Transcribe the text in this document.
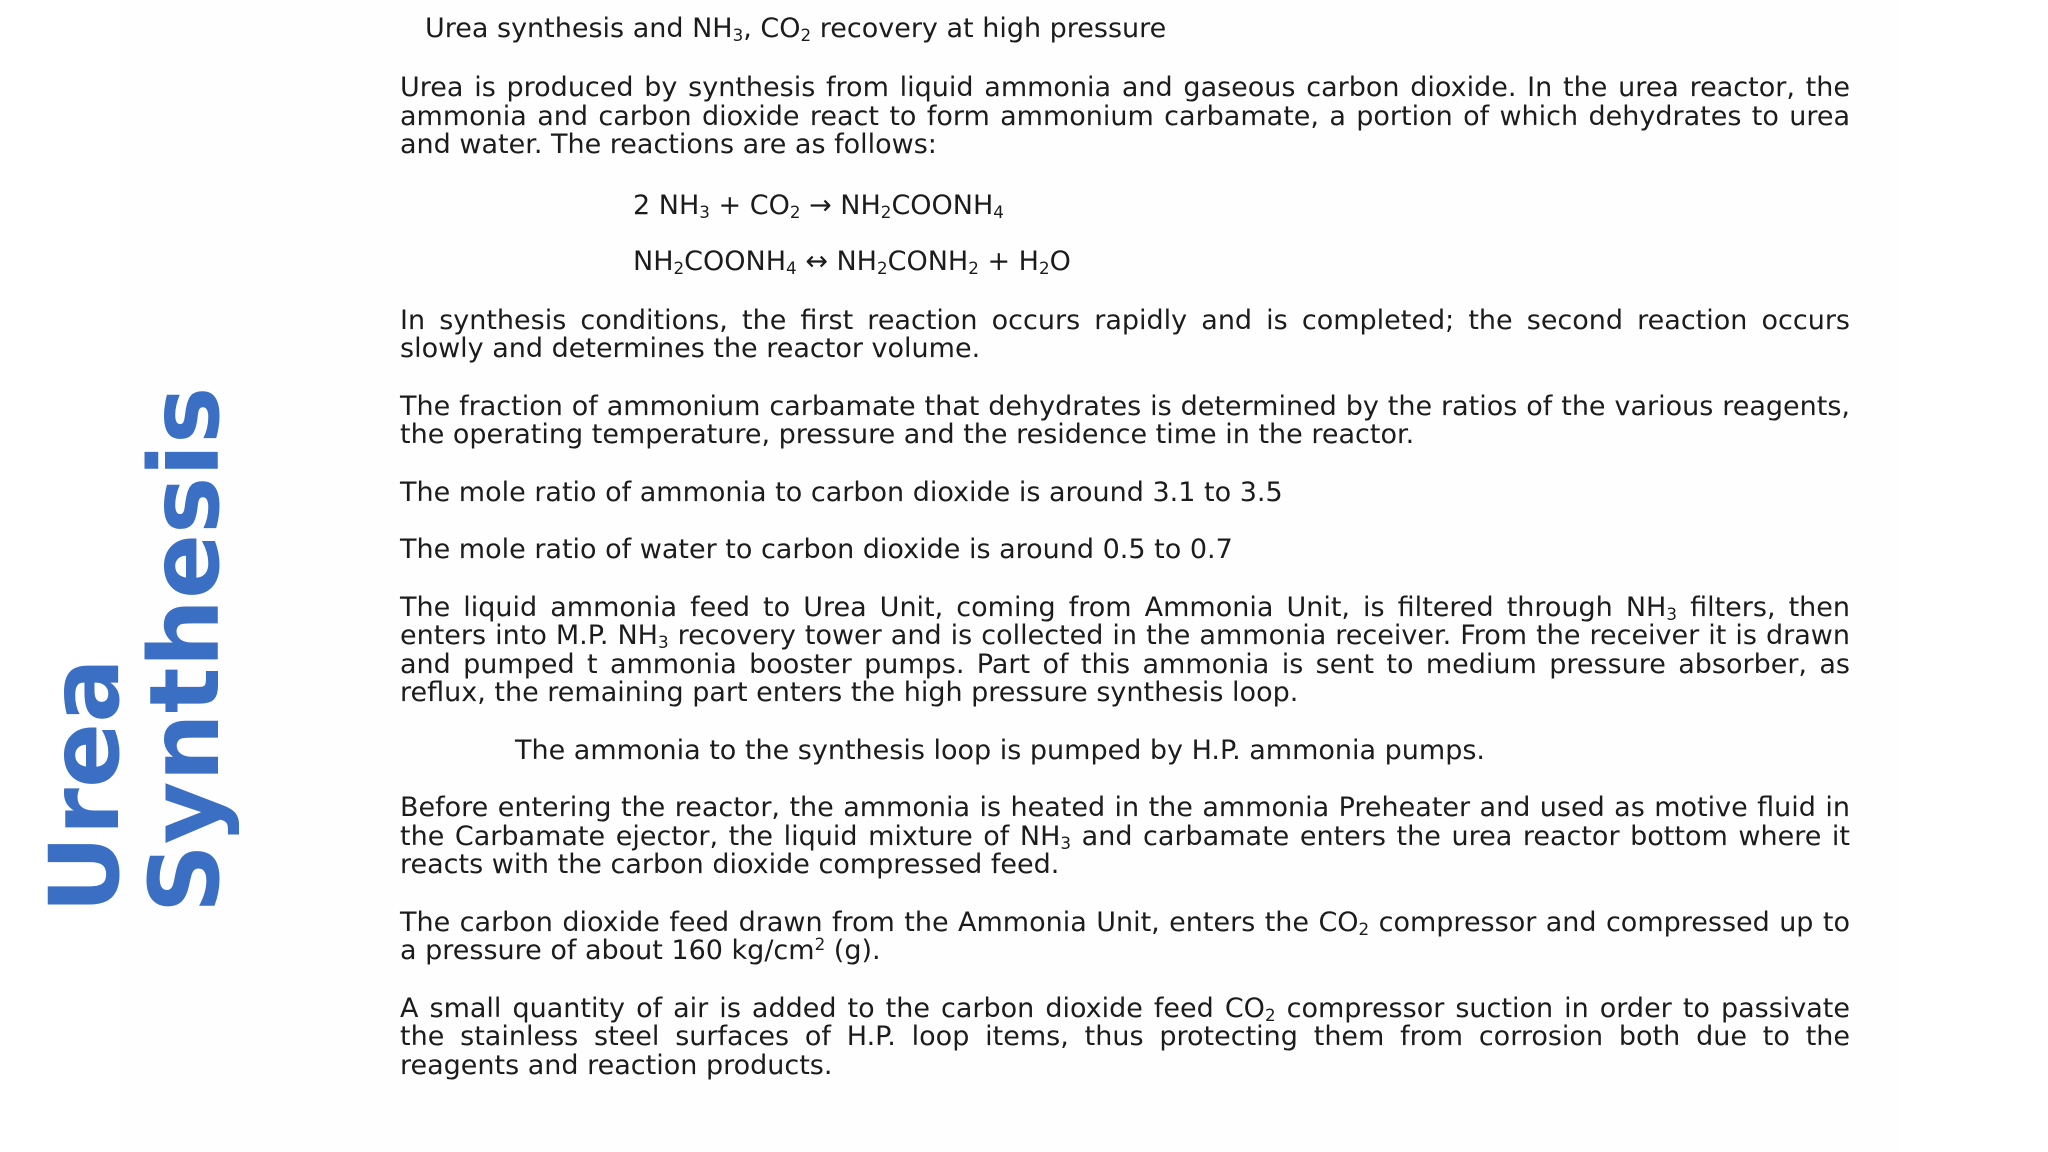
Urea
Synthesis
Urea synthesis and $NH_3$, $CO_2$ recovery at high pressure

Urea is produced by synthesis from liquid ammonia and gaseous carbon dioxide. In the urea reactor, the ammonia and carbon dioxide react to form ammonium carbamate, a portion of which dehydrates to urea and water. The reactions are as follows:

2 $NH_3 + CO_2$ → $NH_2COONH_4$
$NH_2COONH_4$ ↔ $NH_2CONH_2 + H_2O$

In synthesis conditions, the first reaction occurs rapidly and is completed; the second reaction occurs slowly and determines the reactor volume.

The fraction of ammonium carbamate that dehydrates is determined by the ratios of the various reagents, the operating temperature, pressure and the residence time in the reactor.

The mole ratio of ammonia to carbon dioxide is around 3.1 to 3.5

The mole ratio of water to carbon dioxide is around 0.5 to 0.7

The liquid ammonia feed to Urea Unit, coming from Ammonia Unit, is filtered through $NH_3$ filters, then enters into M.P. $NH_3$ recovery tower and is collected in the ammonia receiver. From the receiver it is drawn and pumped t ammonia booster pumps. Part of this ammonia is sent to medium pressure absorber, as reflux, the remaining part enters the high pressure synthesis loop.

The ammonia to the synthesis loop is pumped by H.P. ammonia pumps.

Before entering the reactor, the ammonia is heated in the ammonia Preheater and used as motive fluid in the Carbamate ejector, the liquid mixture of $NH_3$ and carbamate enters the urea reactor bottom where it reacts with the carbon dioxide compressed feed.

The carbon dioxide feed drawn from the Ammonia Unit, enters the $CO_2$ compressor and compressed up to a pressure of about 160 $kg/cm^2$ (g).

A small quantity of air is added to the carbon dioxide feed $CO_2$ compressor suction in order to passivate the stainless steel surfaces of H.P. loop items, thus protecting them from corrosion both due to the reagents and reaction products.
